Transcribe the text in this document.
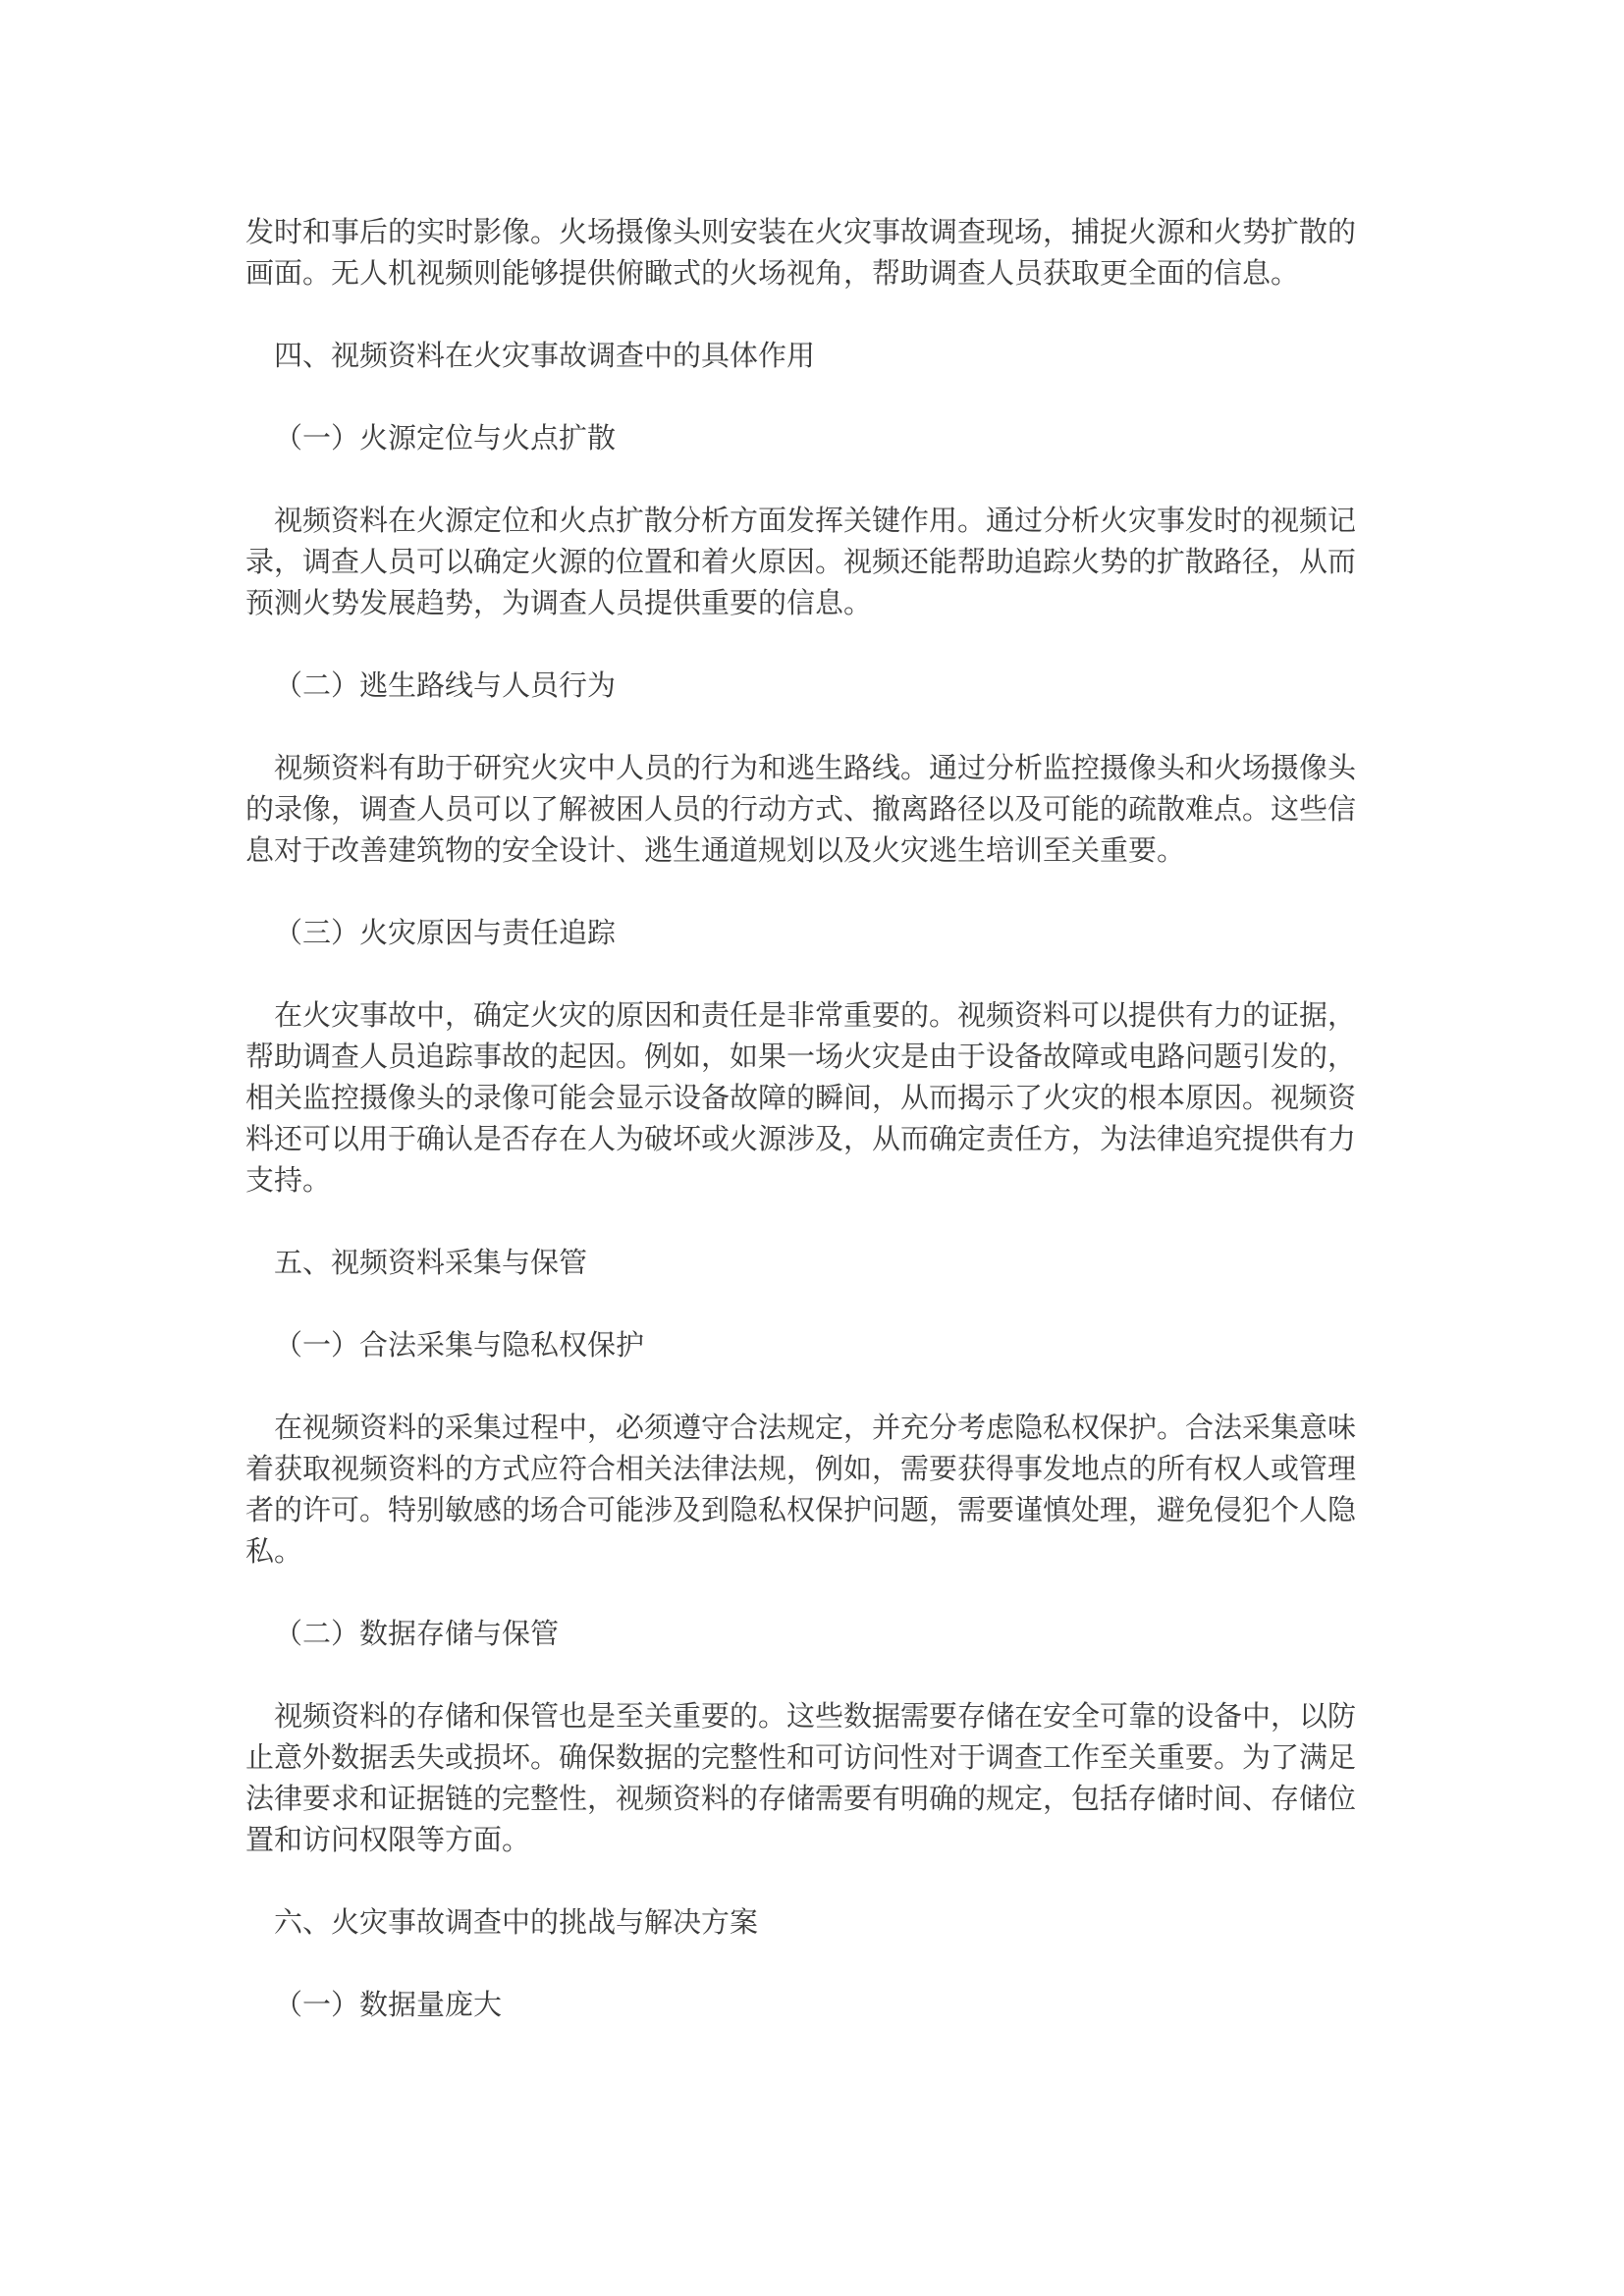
发时和事后的实时影像。火场摄像头则安装在火灾事故调查现场，捕捉火源和火势扩散的
画面。无人机视频则能够提供俯瞰式的火场视角，帮助调查人员获取更全面的信息。
四、视频资料在火灾事故调查中的具体作用
（一）火源定位与火点扩散
视频资料在火源定位和火点扩散分析方面发挥关键作用。通过分析火灾事发时的视频记
录，调查人员可以确定火源的位置和着火原因。视频还能帮助追踪火势的扩散路径，从而
预测火势发展趋势，为调查人员提供重要的信息。
（二）逃生路线与人员行为
视频资料有助于研究火灾中人员的行为和逃生路线。通过分析监控摄像头和火场摄像头
的录像，调查人员可以了解被困人员的行动方式、撤离路径以及可能的疏散难点。这些信
息对于改善建筑物的安全设计、逃生通道规划以及火灾逃生培训至关重要。
（三）火灾原因与责任追踪
在火灾事故中，确定火灾的原因和责任是非常重要的。视频资料可以提供有力的证据，
帮助调查人员追踪事故的起因。例如，如果一场火灾是由于设备故障或电路问题引发的，
相关监控摄像头的录像可能会显示设备故障的瞬间，从而揭示了火灾的根本原因。视频资
料还可以用于确认是否存在人为破坏或火源涉及，从而确定责任方，为法律追究提供有力
支持。
五、视频资料采集与保管
（一）合法采集与隐私权保护
在视频资料的采集过程中，必须遵守合法规定，并充分考虑隐私权保护。合法采集意味
着获取视频资料的方式应符合相关法律法规，例如，需要获得事发地点的所有权人或管理
者的许可。特别敏感的场合可能涉及到隐私权保护问题，需要谨慎处理，避免侵犯个人隐
私。
（二）数据存储与保管
视频资料的存储和保管也是至关重要的。这些数据需要存储在安全可靠的设备中，以防
止意外数据丢失或损坏。确保数据的完整性和可访问性对于调查工作至关重要。为了满足
法律要求和证据链的完整性，视频资料的存储需要有明确的规定，包括存储时间、存储位
置和访问权限等方面。
六、火灾事故调查中的挑战与解决方案
（一）数据量庞大
